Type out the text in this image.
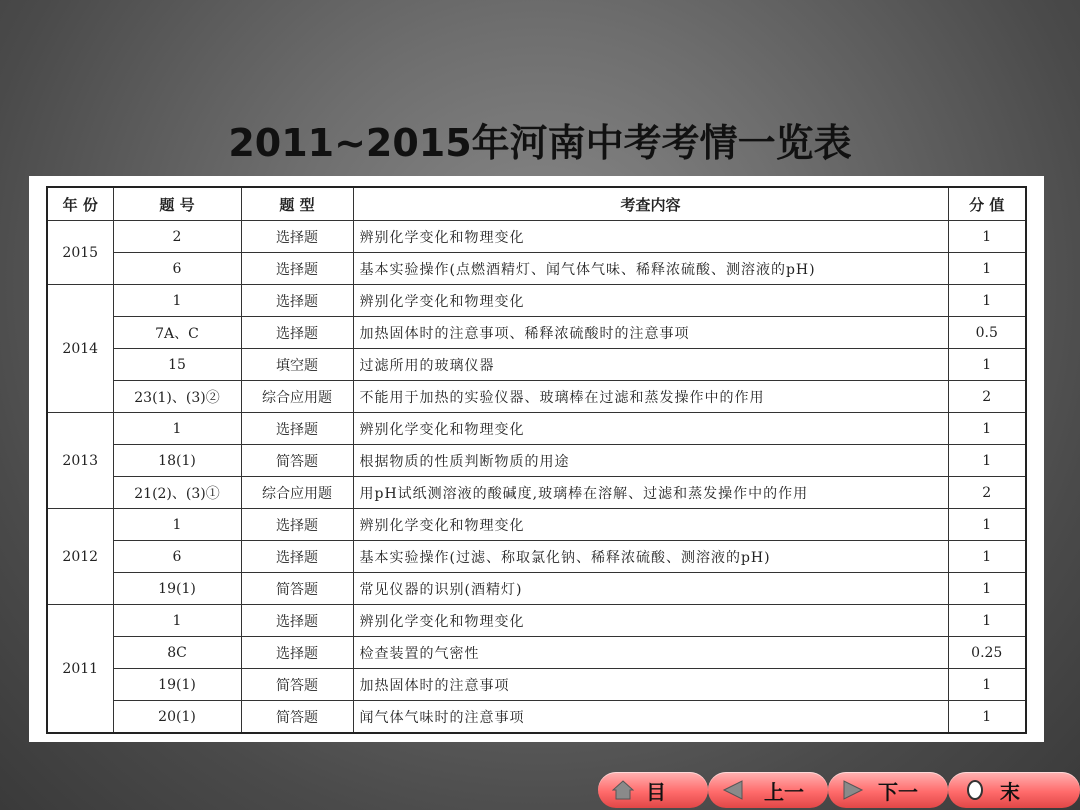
2011~2015年河南中考考情一览表
年 份	题 号	题 型	考查内容	分 值
2015	2	选择题	辨别化学变化和物理变化	1
	6	选择题	基本实验操作(点燃酒精灯、闻气体气味、稀释浓硫酸、测溶液的pH)	1
2014	1	选择题	辨别化学变化和物理变化	1
	7A、C	选择题	加热固体时的注意事项、稀释浓硫酸时的注意事项	0.5
	15	填空题	过滤所用的玻璃仪器	1
	23(1)、(3)②	综合应用题	不能用于加热的实验仪器、玻璃棒在过滤和蒸发操作中的作用	2
2013	1	选择题	辨别化学变化和物理变化	1
	18(1)	简答题	根据物质的性质判断物质的用途	1
	21(2)、(3)①	综合应用题	用pH试纸测溶液的酸碱度,玻璃棒在溶解、过滤和蒸发操作中的作用	2
2012	1	选择题	辨别化学变化和物理变化	1
	6	选择题	基本实验操作(过滤、称取氯化钠、稀释浓硫酸、测溶液的pH)	1
	19(1)	简答题	常见仪器的识别(酒精灯)	1
2011	1	选择题	辨别化学变化和物理变化	1
	8C	选择题	检查装置的气密性	0.25
	19(1)	简答题	加热固体时的注意事项	1
	20(1)	简答题	闻气体气味时的注意事项	1
目	上一	下一	末
